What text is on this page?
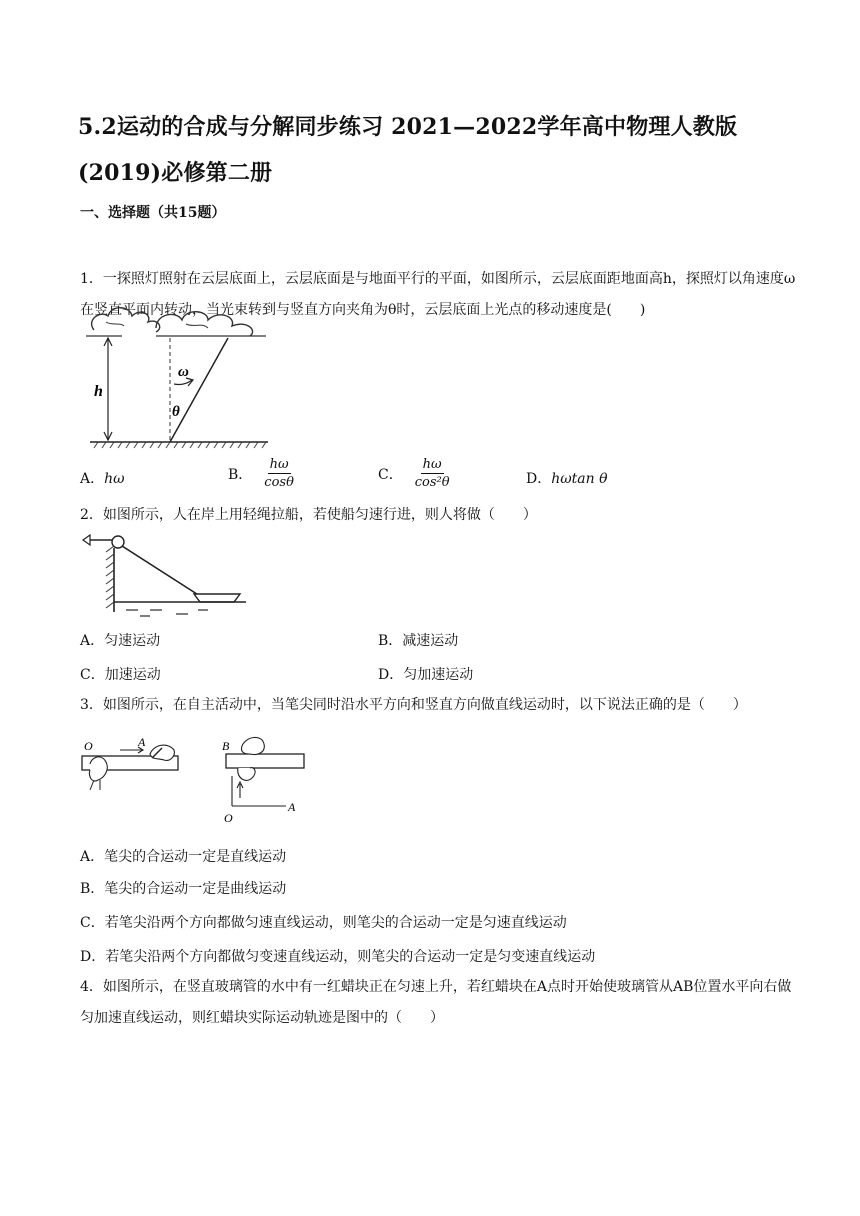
5.2运动的合成与分解同步练习 2021—2022学年高中物理人教版(2019)必修第二册
一、选择题（共15题）
1．一探照灯照射在云层底面上，云层底面是与地面平行的平面，如图所示，云层底面距地面高h，探照灯以角速度ω在竖直平面内转动，当光束转到与竖直方向夹角为θ时，云层底面上光点的移动速度是(　　)
h
ω
θ
A．hω	B． $\frac{h\omega}{\cos\theta}$	C． $\frac{h\omega}{\text{cos²θ}}$	D．hωtan θ
2．如图所示，人在岸上用轻绳拉船，若使船匀速行进，则人将做（　　）
A．匀速运动	B．减速运动
C．加速运动	D．匀加速运动
3．如图所示，在自主活动中，当笔尖同时沿水平方向和竖直方向做直线运动时，以下说法正确的是（　　）
O	A	B
A
O
A．笔尖的合运动一定是直线运动
B．笔尖的合运动一定是曲线运动
C．若笔尖沿两个方向都做匀速直线运动，则笔尖的合运动一定是匀速直线运动
D．若笔尖沿两个方向都做匀变速直线运动，则笔尖的合运动一定是匀变速直线运动
4．如图所示，在竖直玻璃管的水中有一红蜡块正在匀速上升，若红蜡块在A点时开始使玻璃管从AB位置水平向右做匀加速直线运动，则红蜡块实际运动轨迹是图中的（　　）
